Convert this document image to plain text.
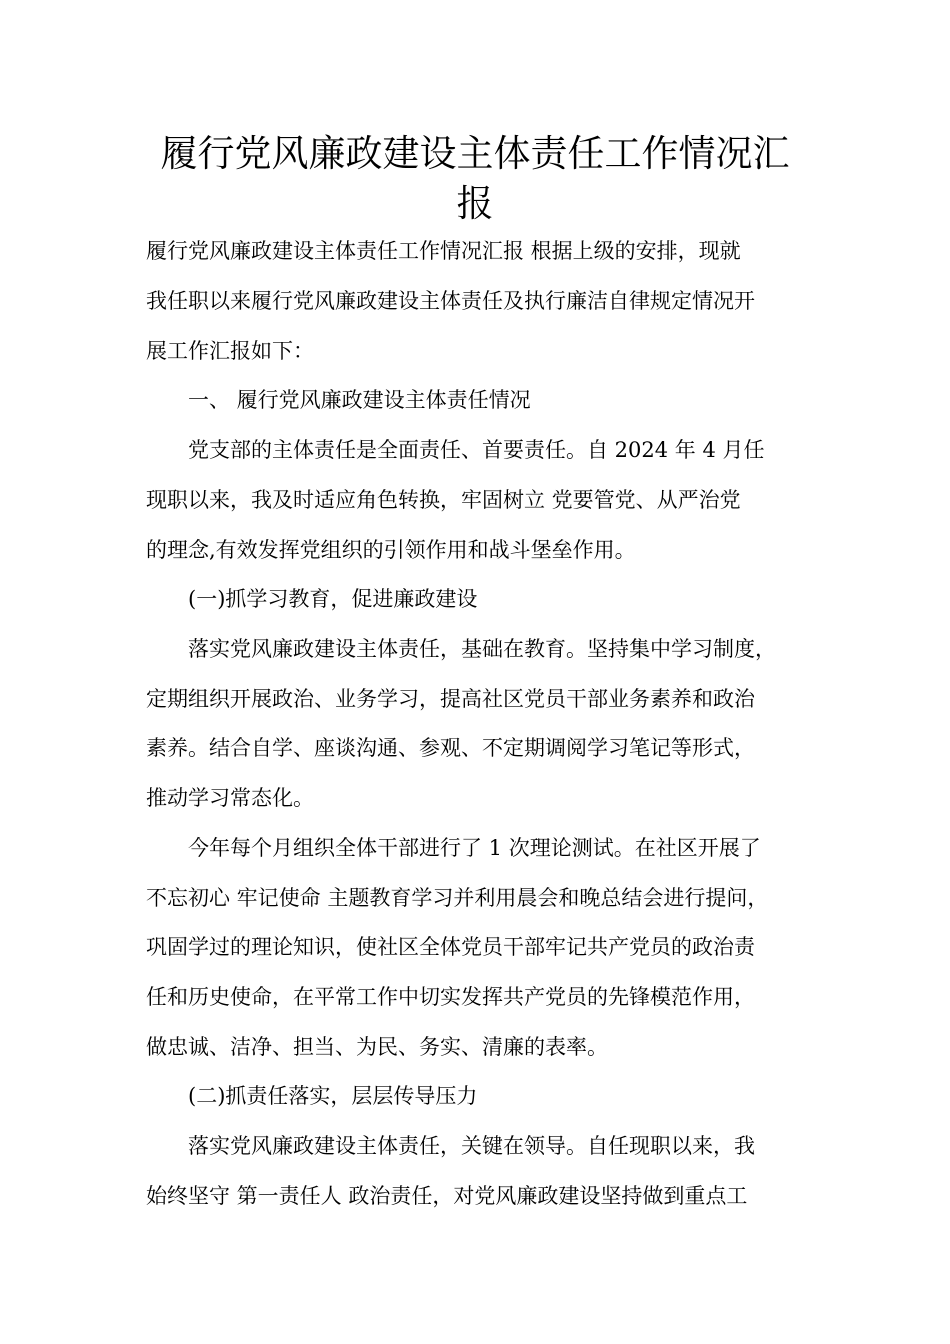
履行党风廉政建设主体责任工作情况汇
报
履行党风廉政建设主体责任工作情况汇报 根据上级的安排，现就
我任职以来履行党风廉政建设主体责任及执行廉洁自律规定情况开
展工作汇报如下：
　　一、 履行党风廉政建设主体责任情况
　　党支部的主体责任是全面责任、首要责任。自 2024 年 4 月任
现职以来，我及时适应角色转换，牢固树立 党要管党、从严治党
的理念,有效发挥党组织的引领作用和战斗堡垒作用。
　　(一)抓学习教育，促进廉政建设
　　落实党风廉政建设主体责任，基础在教育。坚持集中学习制度，
定期组织开展政治、业务学习，提高社区党员干部业务素养和政治
素养。结合自学、座谈沟通、参观、不定期调阅学习笔记等形式，
推动学习常态化。
　　今年每个月组织全体干部进行了 1 次理论测试。在社区开展了
不忘初心 牢记使命 主题教育学习并利用晨会和晚总结会进行提问，
巩固学过的理论知识，使社区全体党员干部牢记共产党员的政治责
任和历史使命，在平常工作中切实发挥共产党员的先锋模范作用，
做忠诚、洁净、担当、为民、务实、清廉的表率。
　　(二)抓责任落实，层层传导压力
　　落实党风廉政建设主体责任，关键在领导。自任现职以来，我
始终坚守 第一责任人 政治责任，对党风廉政建设坚持做到重点工
